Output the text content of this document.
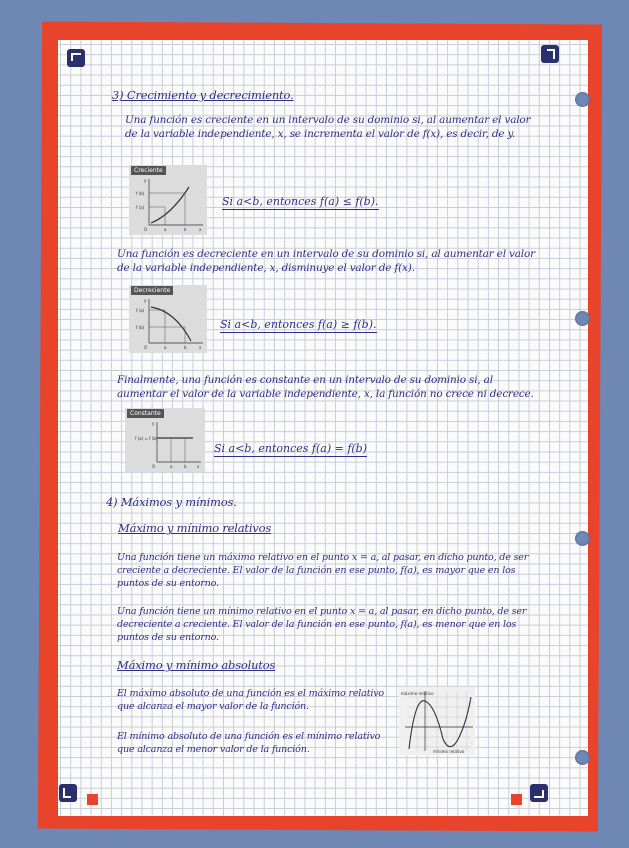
3) Crecimiento y decrecimiento.
Una función es creciente en un intervalo de su dominio si, al aumentar el valor de la variable independiente, x, se incrementa el valor de f(x), es decir, de y.
Creciente
f (b)
f (a)
a	b	x
y
O
Si a<b, entonces f(a) ≤ f(b).
Una función es decreciente en un intervalo de su dominio si, al aumentar el valor de la variable independiente, x, disminuye el valor de f(x).
Decreciente
f (a)
f (b)
a	b	x
y
O
Si a<b, entonces f(a) ≥ f(b).
Finalmente, una función es constante en un intervalo de su dominio si, al aumentar el valor de la variable independiente, x, la función no crece ni decrece.
Constante
f (a) = f (b)
a	b	x
y
O
Si a<b, entonces f(a) = f(b)
4) Máximos y mínimos.
Máximo y mínimo relativos
Una función tiene un máximo relativo en el punto x = a, al pasar, en dicho punto, de ser creciente a decreciente. El valor de la función en ese punto, f(a), es mayor que en los puntos de su entorno.
Una función tiene un mínimo relativo en el punto x = a, al pasar, en dicho punto, de ser decreciente a creciente. El valor de la función en ese punto, f(a), es menor que en los puntos de su entorno.
Máximo y mínimo absolutos
El máximo absoluto de una función es el máximo relativo que alcanza el mayor valor de la función.
El mínimo absoluto de una función es el mínimo relativo que alcanza el menor valor de la función.
máximo relativo
mínimo relativo
